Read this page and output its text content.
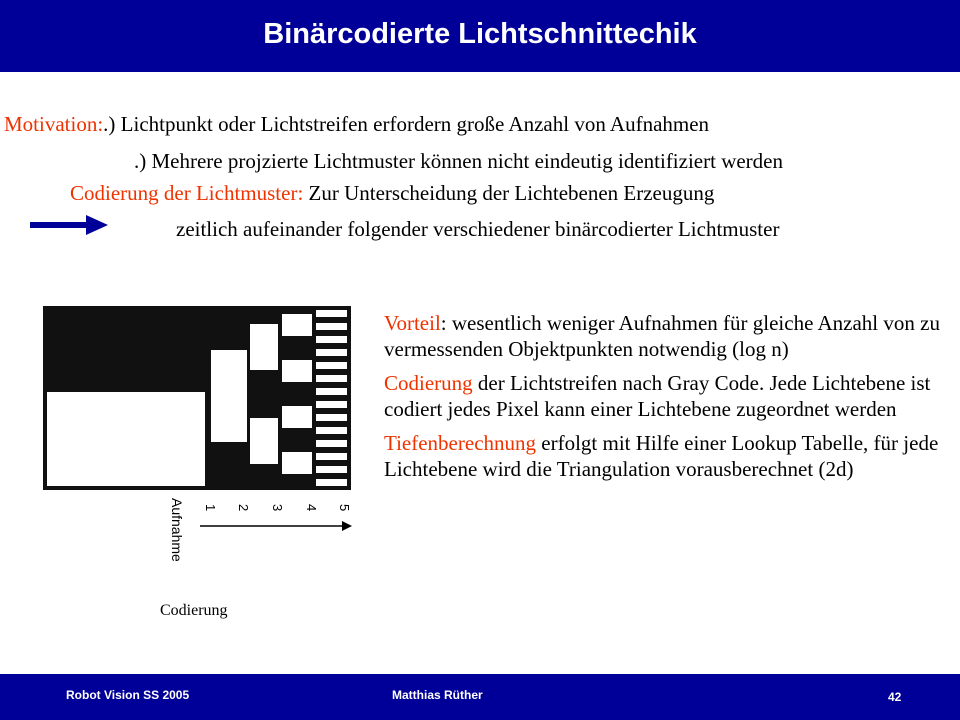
Binärcodierte Lichtschnittechik
Motivation:.) Lichtpunkt oder Lichtstreifen erfordern große Anzahl von Aufnahmen
.) Mehrere projzierte Lichtmuster können nicht eindeutig identifiziert werden
Codierung der Lichtmuster: Zur Unterscheidung der Lichtebenen Erzeugung
zeitlich aufeinander folgender verschiedener binärcodierter Lichtmuster
1 2 3 4 5
Aufnahme
Vorteil: wesentlich weniger Aufnahmen für gleiche Anzahl von zu vermessenden Objektpunkten notwendig (log n)
Codierung der Lichtstreifen nach Gray Code. Jede Lichtebene ist codiert jedes Pixel kann einer Lichtebene zugeordnet werden
Tiefenberechnung erfolgt mit Hilfe einer Lookup Tabelle, für jede Lichtebene wird die Triangulation vorausberechnet (2d)
Codierung
Robot Vision SS 2005	Matthias Rüther	42
